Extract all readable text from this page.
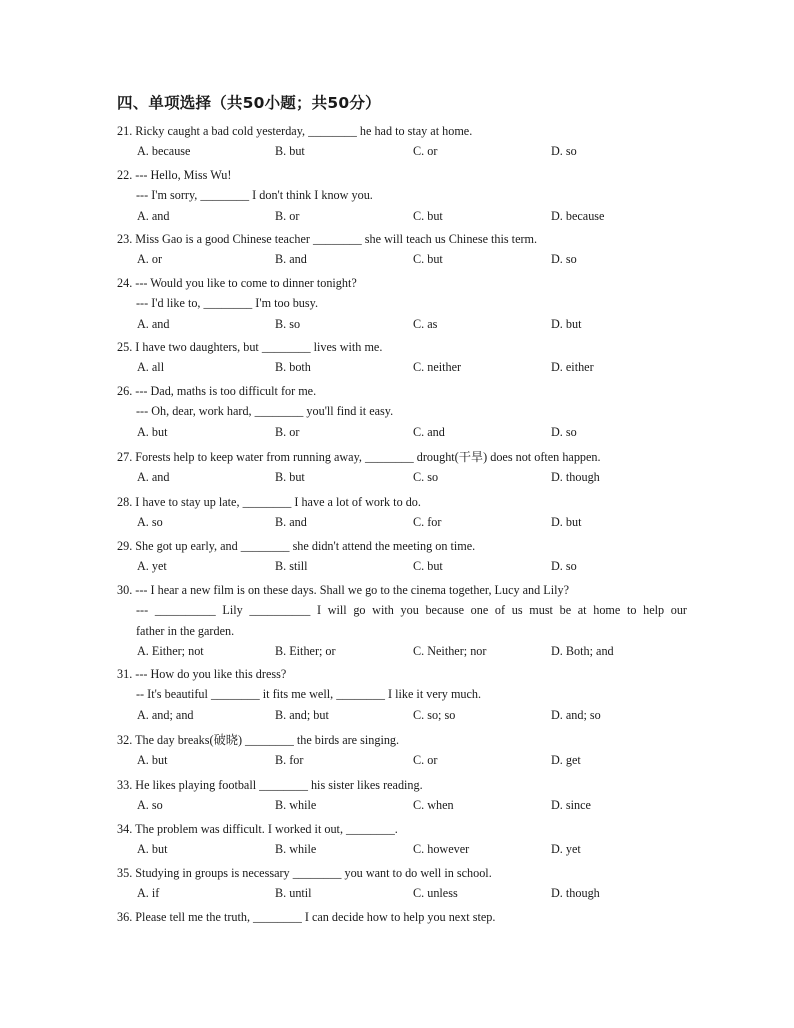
四、单项选择（共50小题；共50分）
21. Ricky caught a bad cold yesterday, ________ he had to stay at home.
A. because	B. but	C. or	D. so
22. --- Hello, Miss Wu!
--- I'm sorry, ________ I don't think I know you.
A. and	B. or	C. but	D. because
23. Miss Gao is a good Chinese teacher ________ she will teach us Chinese this term.
A. or	B. and	C. but	D. so
24. --- Would you like to come to dinner tonight?
--- I'd like to, ________ I'm too busy.
A. and	B. so	C. as	D. but
25. I have two daughters, but ________ lives with me.
A. all	B. both	C. neither	D. either
26. --- Dad, maths is too difficult for me.
--- Oh, dear, work hard, ________ you'll find it easy.
A. but	B. or	C. and	D. so
27. Forests help to keep water from running away, ________ drought(干旱) does not often happen.
A. and	B. but	C. so	D. though
28. I have to stay up late, ________ I have a lot of work to do.
A. so	B. and	C. for	D. but
29. She got up early, and ________ she didn't attend the meeting on time.
A. yet	B. still	C. but	D. so
30. --- I hear a new film is on these days. Shall we go to the cinema together, Lucy and Lily?
--- __________ Lily __________ I will go with you because one of us must be at home to help our
father in the garden.
A. Either; not	B. Either; or	C. Neither; nor	D. Both; and
31. --- How do you like this dress?
-- It's beautiful ________ it fits me well, ________ I like it very much.
A. and; and	B. and; but	C. so; so	D. and; so
32. The day breaks(破晓) ________ the birds are singing.
A. but	B. for	C. or	D. get
33. He likes playing football ________ his sister likes reading.
A. so	B. while	C. when	D. since
34. The problem was difficult. I worked it out, ________.
A. but	B. while	C. however	D. yet
35. Studying in groups is necessary ________ you want to do well in school.
A. if	B. until	C. unless	D. though
36. Please tell me the truth, ________ I can decide how to help you next step.
